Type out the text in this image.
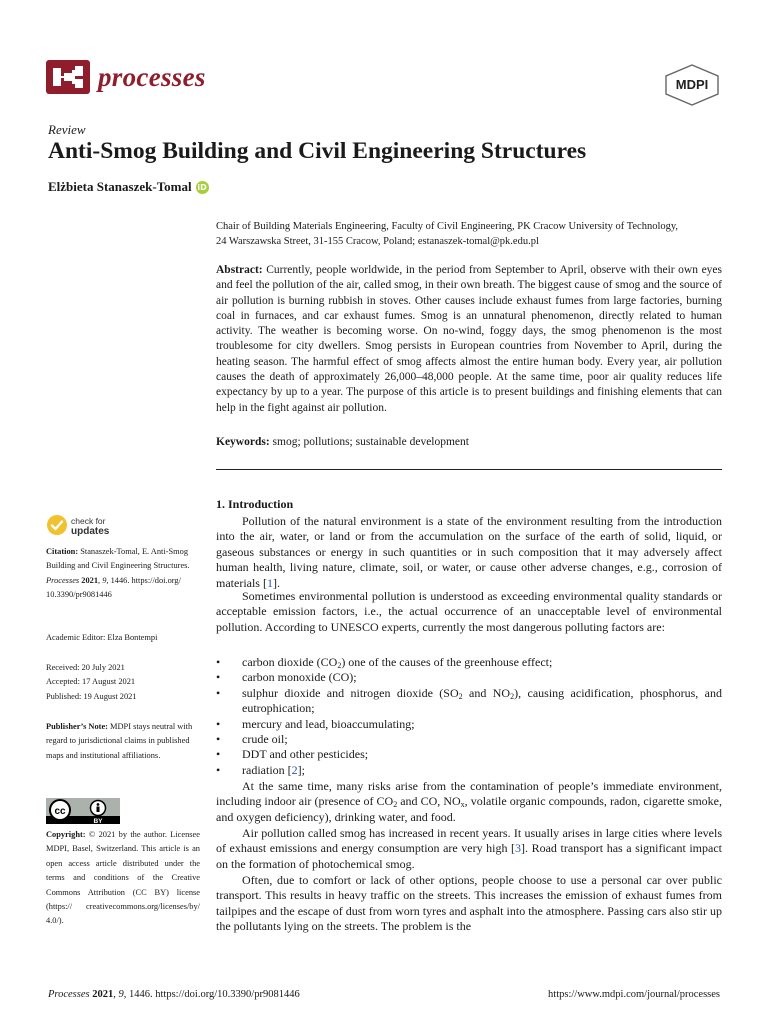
processes	MDPI
Review
Anti-Smog Building and Civil Engineering Structures
Elżbieta Stanaszek-Tomal iD
Chair of Building Materials Engineering, Faculty of Civil Engineering, PK Cracow University of Technology,
24 Warszawska Street, 31-155 Cracow, Poland; estanaszek-tomal@pk.edu.pl
Abstract: Currently, people worldwide, in the period from September to April, observe with their own eyes and feel the pollution of the air, called smog, in their own breath. The biggest cause of smog and the source of air pollution is burning rubbish in stoves. Other causes include exhaust fumes from large factories, burning coal in furnaces, and car exhaust fumes. Smog is an unnatural phenomenon, directly related to human activity. The weather is becoming worse. On no-wind, foggy days, the smog phenomenon is the most troublesome for city dwellers. Smog persists in European countries from November to April, during the heating season. The harmful effect of smog affects almost the entire human body. Every year, air pollution causes the death of approximately 26,000–48,000 people. At the same time, poor air quality reduces life expectancy by up to a year. The purpose of this article is to present buildings and finishing elements that can help in the fight against air pollution.
Keywords: smog; pollutions; sustainable development
check for
updates
Citation: Stanaszek-Tomal, E. Anti-Smog Building and Civil Engineering Structures. Processes 2021, 9, 1446. https://doi.org/ 10.3390/pr9081446
Academic Editor: Elza Bontempi
Received: 20 July 2021
Accepted: 17 August 2021
Published: 19 August 2021
Publisher’s Note: MDPI stays neutral with regard to jurisdictional claims in published maps and institutional affiliations.
cc
BY
Copyright: © 2021 by the author. Licensee MDPI, Basel, Switzerland. This article is an open access article distributed under the terms and conditions of the Creative Commons Attribution (CC BY) license (https:// creativecommons.org/licenses/by/ 4.0/).
1. Introduction

Pollution of the natural environment is a state of the environment resulting from the introduction into the air, water, or land or from the accumulation on the surface of the earth of solid, liquid, or gaseous substances or energy in such quantities or in such composition that it may adversely affect human health, living nature, climate, soil, or water, or cause other adverse changes, e.g., corrosion of materials [1].

Sometimes environmental pollution is understood as exceeding environmental quality standards or acceptable emission factors, i.e., the actual occurrence of an unacceptable level of environmental pollution. According to UNESCO experts, currently the most dangerous polluting factors are:

•	carbon dioxide $(CO_2)$ one of the causes of the greenhouse effect;
•	carbon monoxide (CO);
•	sulphur dioxide and nitrogen dioxide ($SO_2$ and $NO_2$), causing acidification, phosphorus, and eutrophication;
•	mercury and lead, bioaccumulating;
•	crude oil;
•	DDT and other pesticides;
•	radiation [2];

At the same time, many risks arise from the contamination of people’s immediate environment, including indoor air (presence of $CO_2$ and CO, $NO_x$, volatile organic compounds, radon, cigarette smoke, and oxygen deficiency), drinking water, and food.

Air pollution called smog has increased in recent years. It usually arises in large cities where levels of exhaust emissions and energy consumption are very high [3]. Road transport has a significant impact on the formation of photochemical smog.

Often, due to comfort or lack of other options, people choose to use a personal car over public transport. This results in heavy traffic on the streets. This increases the emission of exhaust fumes from tailpipes and the escape of dust from worn tyres and asphalt into the atmosphere. Passing cars also stir up the pollutants lying on the streets. The problem is the

Processes 2021, 9, 1446. https://doi.org/10.3390/pr9081446	https://www.mdpi.com/journal/processes
